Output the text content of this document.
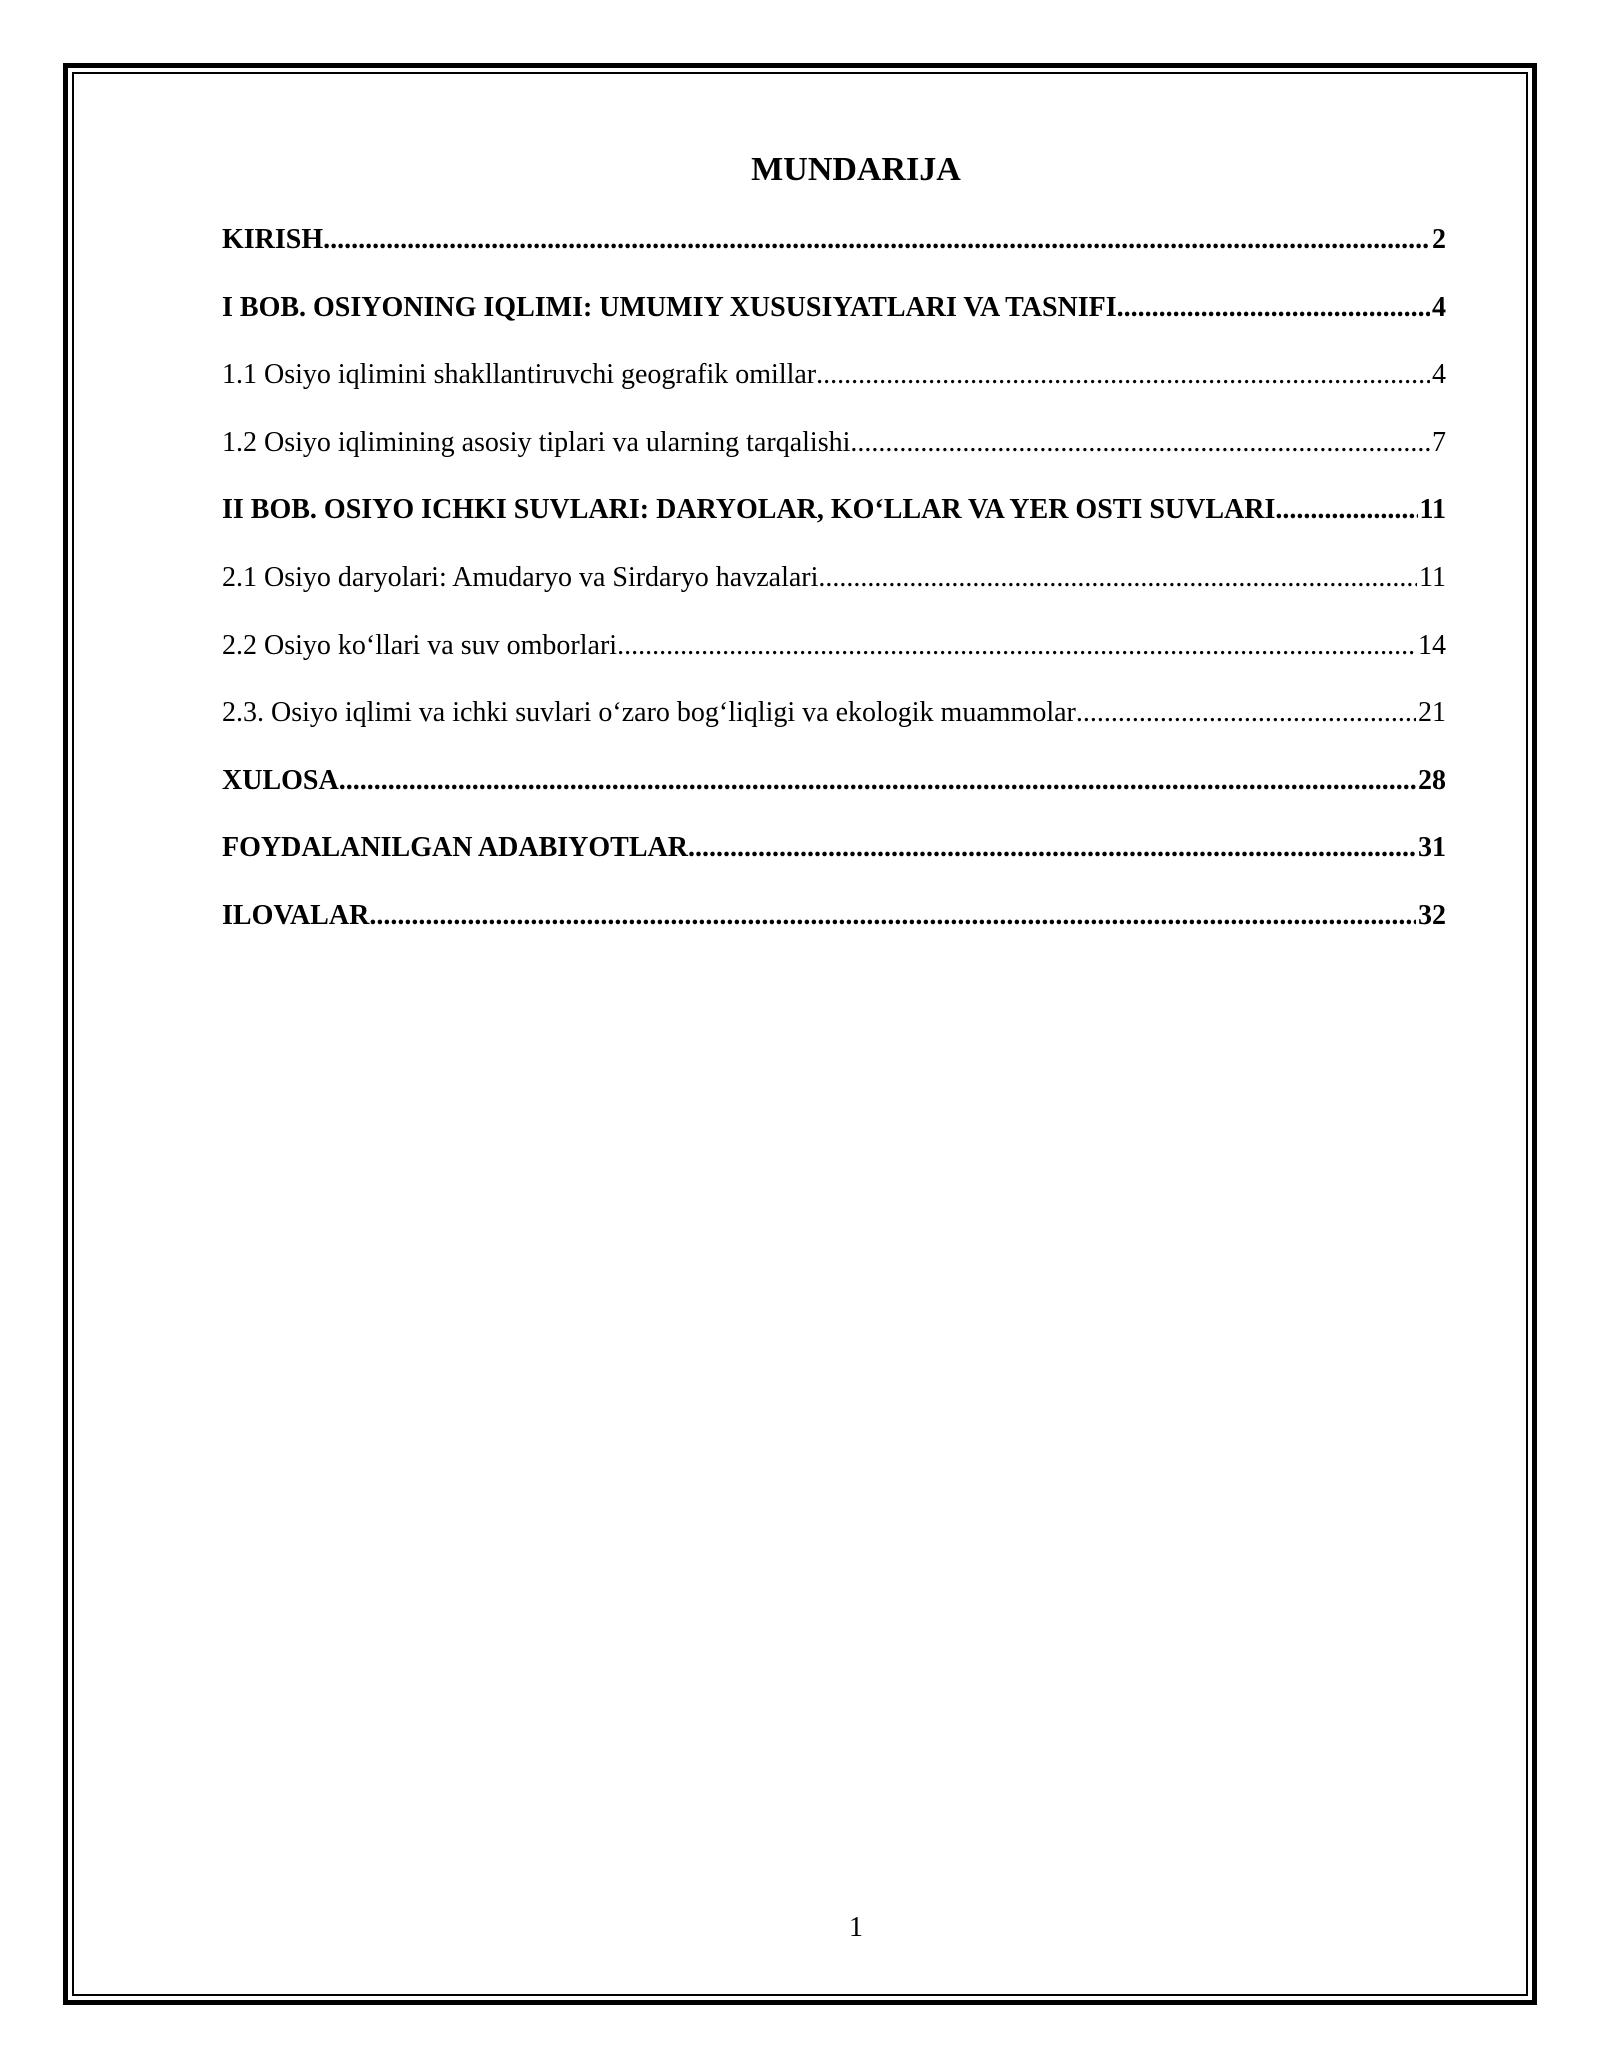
MUNDARIJA
KIRISH .....	2
I BOB. OSIYONING IQLIMI: UMUMIY XUSUSIYATLARI VA TASNIFI .....	4
1.1 Osiyo iqlimini shakllantiruvchi geografik omillar .....	4
1.2 Osiyo iqlimining asosiy tiplari va ularning tarqalishi .....	7
II BOB. OSIYO ICHKI SUVLARI: DARYOLAR, KO‘LLAR VA YER OSTI SUVLARI .....	11
2.1 Osiyo daryolari: Amudaryo va Sirdaryo havzalari .....	11
2.2 Osiyo ko‘llari va suv omborlari .....	14
2.3. Osiyo iqlimi va ichki suvlari o‘zaro bog‘liqligi va ekologik muammolar .....	21
XULOSA .....	28
FOYDALANILGAN ADABIYOTLAR .....	31
ILOVALAR .....	32
1
